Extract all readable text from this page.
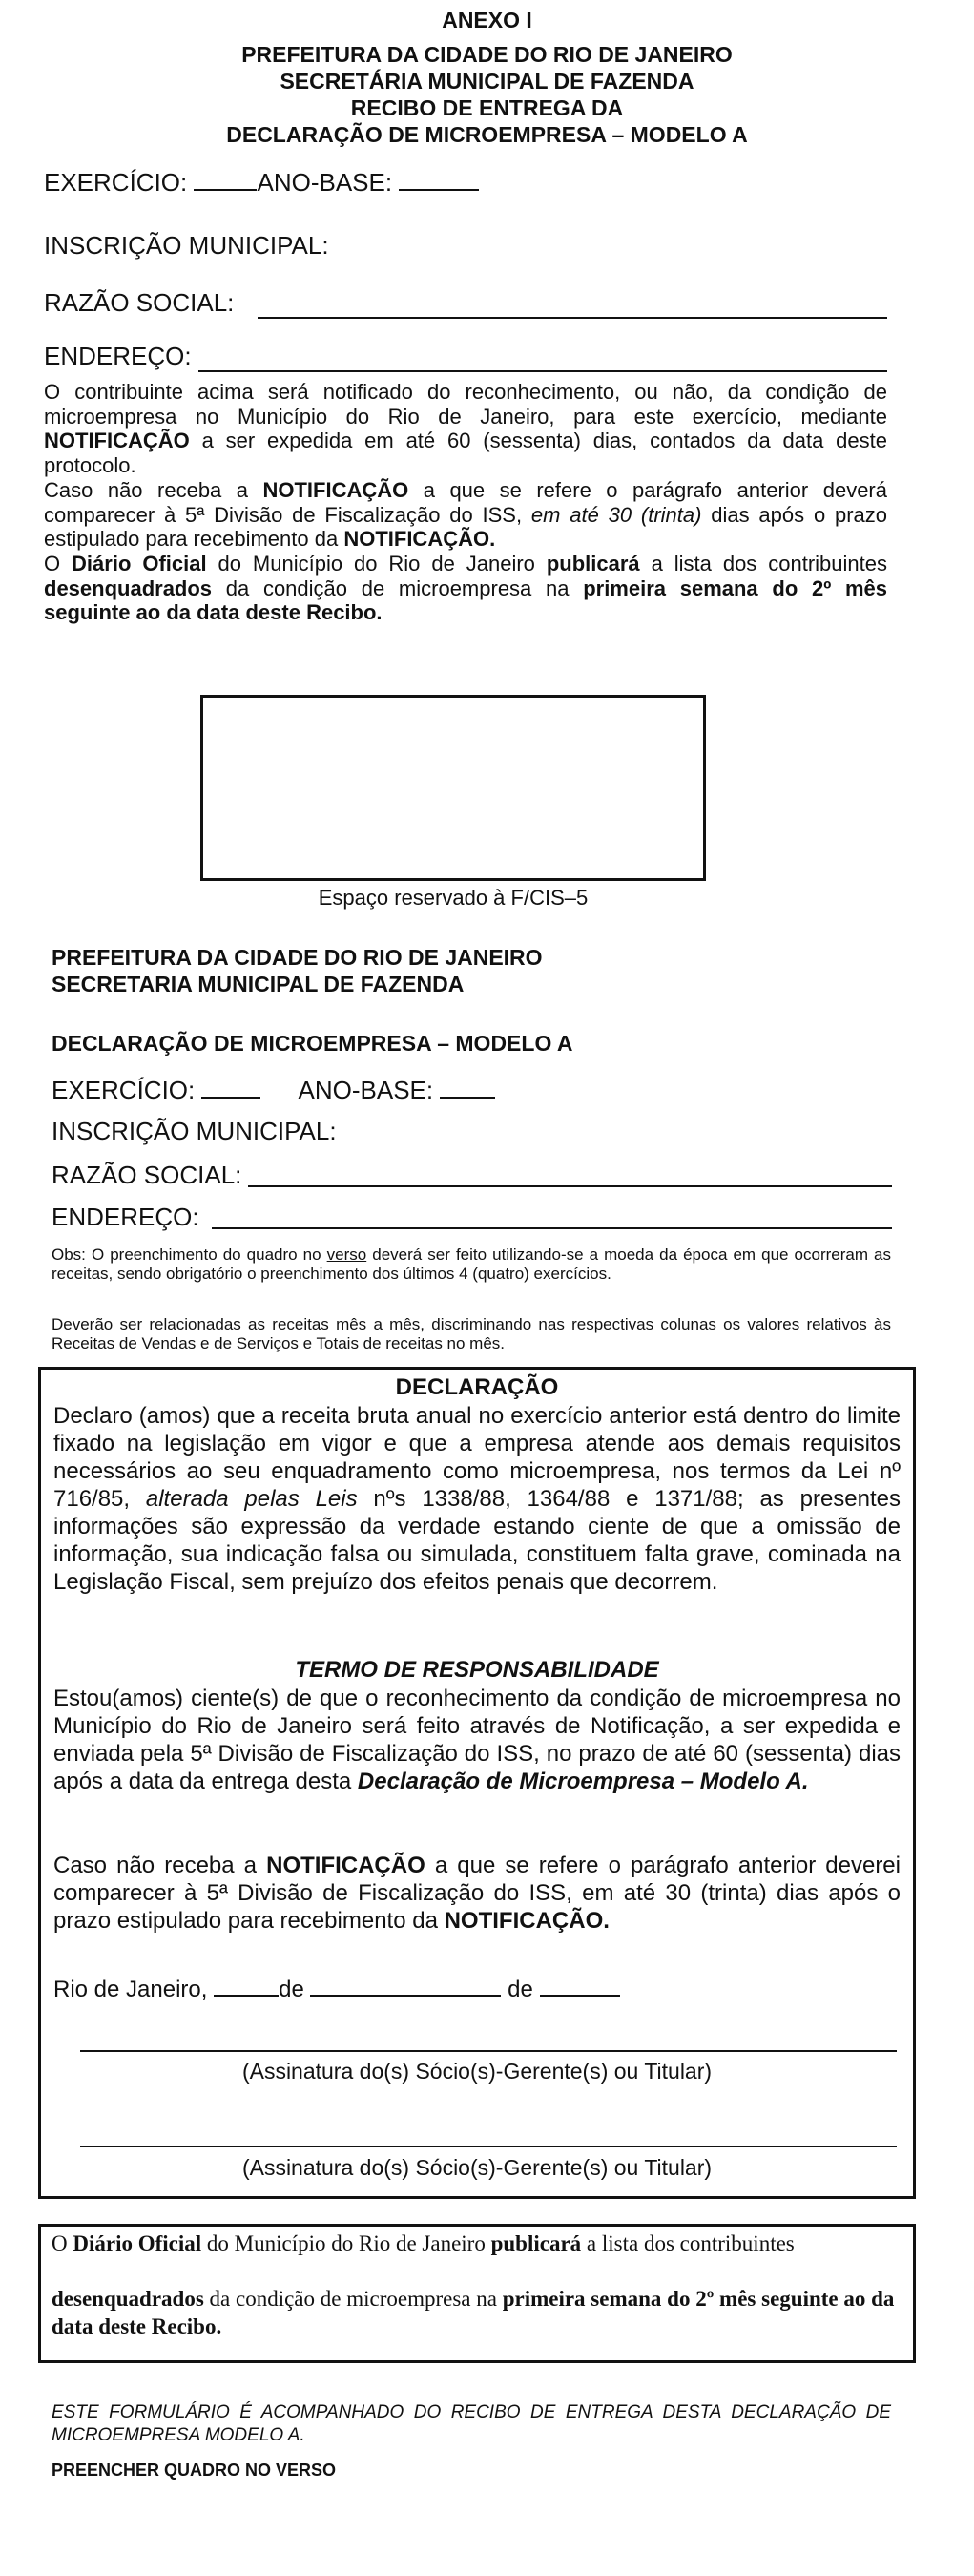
ANEXO I
PREFEITURA DA CIDADE DO RIO DE JANEIRO
SECRETÁRIA MUNICIPAL DE FAZENDA
RECIBO DE ENTREGA DA
DECLARAÇÃO DE MICROEMPRESA – MODELO A
EXERCÍCIO:	ANO-BASE:
INSCRIÇÃO MUNICIPAL:
RAZÃO SOCIAL:
ENDEREÇO:
O contribuinte acima será notificado do reconhecimento, ou não, da condição de microempresa no Município do Rio de Janeiro, para este exercício, mediante NOTIFICAÇÃO a ser expedida em até 60 (sessenta) dias, contados da data deste protocolo.
Caso não receba a NOTIFICAÇÃO a que se refere o parágrafo anterior deverá comparecer à 5ª Divisão de Fiscalização do ISS, em até 30 (trinta) dias após o prazo estipulado para recebimento da NOTIFICAÇÃO.
O Diário Oficial do Município do Rio de Janeiro publicará a lista dos contribuintes desenquadrados da condição de microempresa na primeira semana do 2º mês seguinte ao da data deste Recibo.
Espaço reservado à F/CIS–5
PREFEITURA DA CIDADE DO RIO DE JANEIRO
SECRETARIA MUNICIPAL DE FAZENDA
DECLARAÇÃO DE MICROEMPRESA – MODELO A
EXERCÍCIO:	ANO-BASE:
INSCRIÇÃO MUNICIPAL:
RAZÃO SOCIAL:
ENDEREÇO:
Obs: O preenchimento do quadro no verso deverá ser feito utilizando-se a moeda da época em que ocorreram as receitas, sendo obrigatório o preenchimento dos últimos 4 (quatro) exercícios.
Deverão ser relacionadas as receitas mês a mês, discriminando nas respectivas colunas os valores relativos às Receitas de Vendas e de Serviços e Totais de receitas no mês.
DECLARAÇÃO
Declaro (amos) que a receita bruta anual no exercício anterior está dentro do limite fixado na legislação em vigor e que a empresa atende aos demais requisitos necessários ao seu enquadramento como microempresa, nos termos da Lei nº 716/85, alterada pelas Leis nºs 1338/88, 1364/88 e 1371/88; as presentes informações são expressão da verdade estando ciente de que a omissão de informação, sua indicação falsa ou simulada, constituem falta grave, cominada na Legislação Fiscal, sem prejuízo dos efeitos penais que decorrem.
TERMO DE RESPONSABILIDADE
Estou(amos) ciente(s) de que o reconhecimento da condição de microempresa no Município do Rio de Janeiro será feito através de Notificação, a ser expedida e enviada pela 5ª Divisão de Fiscalização do ISS, no prazo de até 60 (sessenta) dias após a data da entrega desta Declaração de Microempresa – Modelo A.
Caso não receba a NOTIFICAÇÃO a que se refere o parágrafo anterior deverei comparecer à 5ª Divisão de Fiscalização do ISS, em até 30 (trinta) dias após o prazo estipulado para recebimento da NOTIFICAÇÃO.
Rio de Janeiro,	de	de
(Assinatura do(s) Sócio(s)-Gerente(s) ou Titular)
(Assinatura do(s) Sócio(s)-Gerente(s) ou Titular)
O Diário Oficial do Município do Rio de Janeiro publicará a lista dos contribuintes
desenquadrados da condição de microempresa na primeira semana do 2º mês seguinte ao da data deste Recibo.
ESTE FORMULÁRIO É ACOMPANHADO DO RECIBO DE ENTREGA DESTA DECLARAÇÃO DE MICROEMPRESA MODELO A.
PREENCHER QUADRO NO VERSO
